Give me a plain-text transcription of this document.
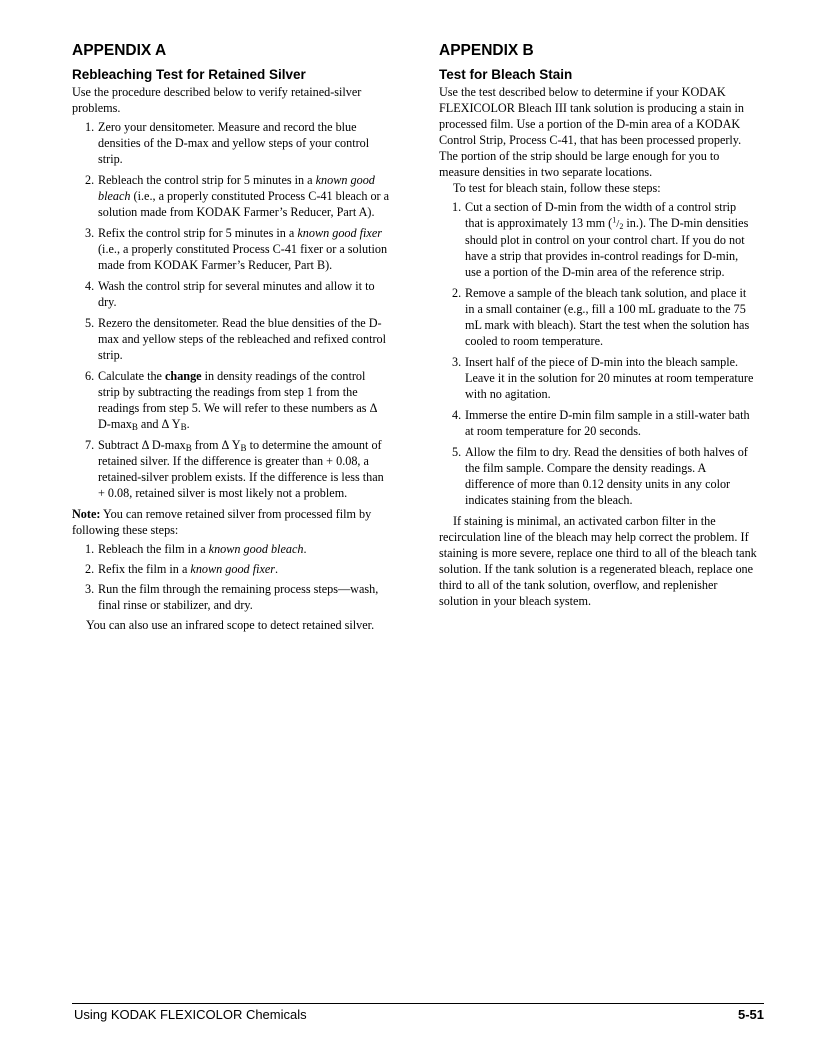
APPENDIX A
Rebleaching Test for Retained Silver

Use the procedure described below to verify retained-silver problems.

1. Zero your densitometer. Measure and record the blue densities of the D-max and yellow steps of your control strip.
2. Rebleach the control strip for 5 minutes in a known good bleach (i.e., a properly constituted Process C-41 bleach or a solution made from KODAK Farmer’s Reducer, Part A).
3. Refix the control strip for 5 minutes in a known good fixer (i.e., a properly constituted Process C-41 fixer or a solution made from KODAK Farmer’s Reducer, Part B).
4. Wash the control strip for several minutes and allow it to dry.
5. Rezero the densitometer. Read the blue densities of the D-max and yellow steps of the rebleached and refixed control strip.
6. Calculate the change in density readings of the control strip by subtracting the readings from step 1 from the readings from step 5. We will refer to these numbers as Δ $D-\max_B$ and Δ $Y_B$.
7. Subtract Δ $D-\max_B$ from Δ $Y_B$ to determine the amount of retained silver. If the difference is greater than + 0.08, a retained-silver problem exists. If the difference is less than + 0.08, retained silver is most likely not a problem.

Note: You can remove retained silver from processed film by following these steps:

1. Rebleach the film in a known good bleach.
2. Refix the film in a known good fixer.
3. Run the film through the remaining process steps—wash, final rinse or stabilizer, and dry.

You can also use an infrared scope to detect retained silver.

APPENDIX B
Test for Bleach Stain

Use the test described below to determine if your KODAK FLEXICOLOR Bleach III tank solution is producing a stain in processed film. Use a portion of the D-min area of a KODAK Control Strip, Process C-41, that has been processed properly. The portion of the strip should be large enough for you to measure densities in two separate locations.

To test for bleach stain, follow these steps:

1. Cut a section of D-min from the width of a control strip that is approximately 13 mm ($^1/_2$ in.). The D-min densities should plot in control on your control chart. If you do not have a strip that provides in-control readings for D-min, use a portion of the D-min area of the reference strip.
2. Remove a sample of the bleach tank solution, and place it in a small container (e.g., fill a 100 mL graduate to the 75 mL mark with bleach). Start the test when the solution has cooled to room temperature.
3. Insert half of the piece of D-min into the bleach sample. Leave it in the solution for 20 minutes at room temperature with no agitation.
4. Immerse the entire D-min film sample in a still-water bath at room temperature for 20 seconds.
5. Allow the film to dry. Read the densities of both halves of the film sample. Compare the density readings. A difference of more than 0.12 density units in any color indicates staining from the bleach.

If staining is minimal, an activated carbon filter in the recirculation line of the bleach may help correct the problem. If staining is more severe, replace one third to all of the bleach tank solution. If the tank solution is a regenerated bleach, replace one third to all of the tank solution, overflow, and replenisher solution in your bleach system.

Using KODAK FLEXICOLOR Chemicals	5-51
